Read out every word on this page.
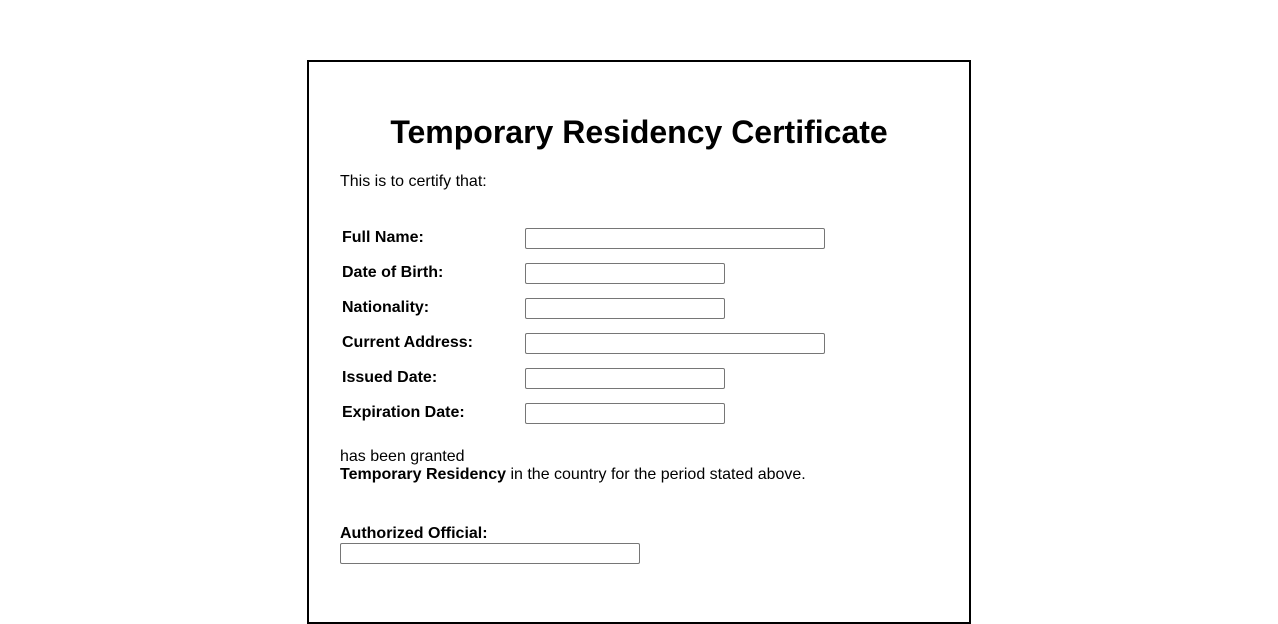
Temporary Residency Certificate

This is to certify that:

Full Name:
Date of Birth:
Nationality:
Current Address:
Issued Date:
Expiration Date:
has been granted
Temporary Residency in the country for the period stated above.
Authorized Official:
